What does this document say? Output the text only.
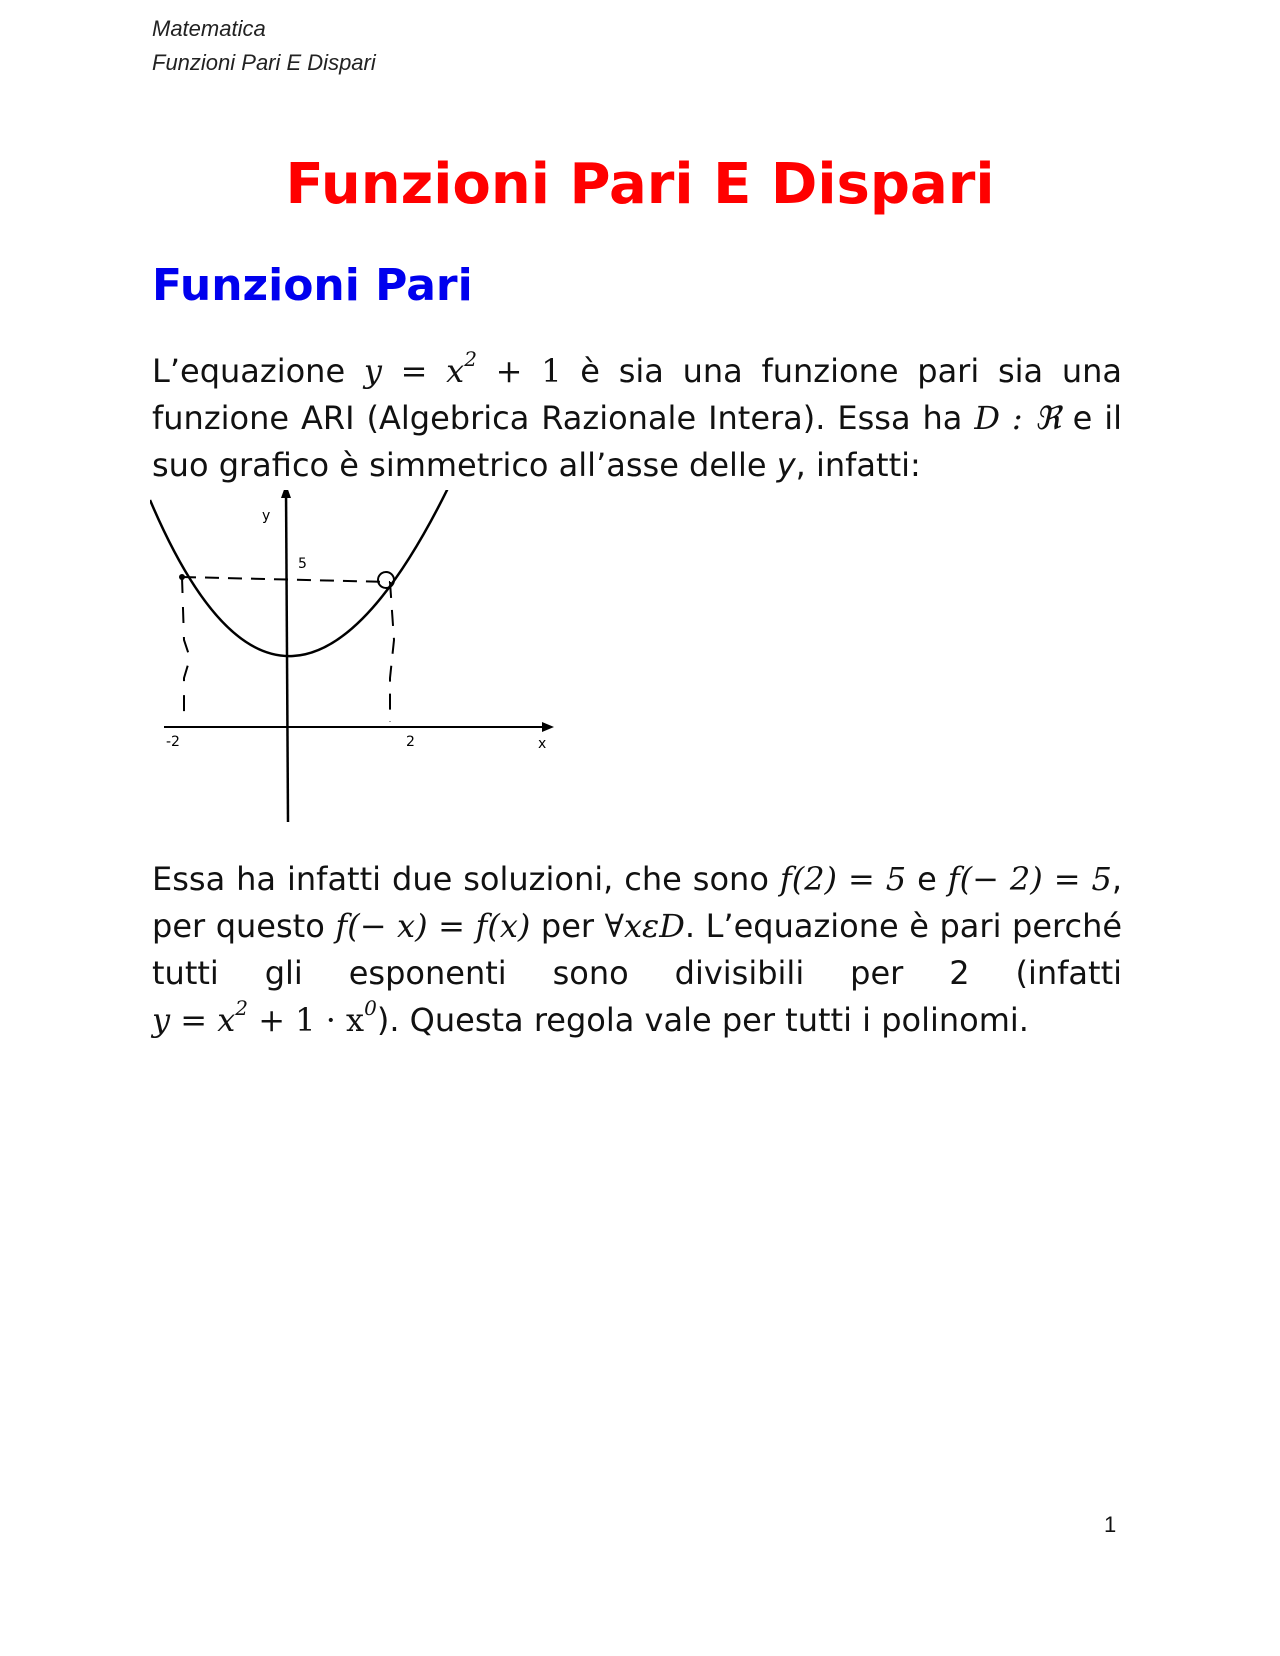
Matematica
Funzioni Pari E Dispari
Funzioni Pari E Dispari
Funzioni Pari

L’equazione $y = x^2 + 1$ è sia una funzione pari sia una funzione ARI (Algebrica Razionale Intera). Essa ha D : ℜ e il suo grafico è simmetrico all’asse delle y, infatti:

y
5
-2	2	x

Essa ha infatti due soluzioni, che sono f(2) = 5 e f(− 2) = 5, per questo f(− x) = f(x) per ∀xεD. L’equazione è pari perché tutti gli esponenti sono divisibili per 2 (infatti $y = x^2 + 1 \cdot x^0$). Questa regola vale per tutti i polinomi.

1
